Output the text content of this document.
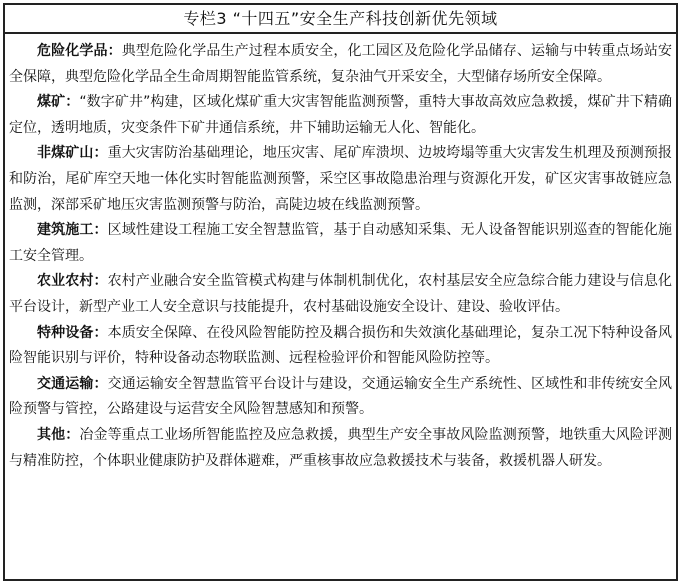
专栏3 “十四五”安全生产科技创新优先领域

危险化学品：典型危险化学品生产过程本质安全，化工园区及危险化学品储存、运输与中转重点场站安全保障，典型危险化学品全生命周期智能监管系统，复杂油气开采安全，大型储存场所安全保障。

煤矿：“数字矿井”构建，区域化煤矿重大灾害智能监测预警，重特大事故高效应急救援，煤矿井下精确定位，透明地质，灾变条件下矿井通信系统，井下辅助运输无人化、智能化。

非煤矿山：重大灾害防治基础理论，地压灾害、尾矿库溃坝、边坡垮塌等重大灾害发生机理及预测预报和防治，尾矿库空天地一体化实时智能监测预警，采空区事故隐患治理与资源化开发，矿区灾害事故链应急监测，深部采矿地压灾害监测预警与防治，高陡边坡在线监测预警。

建筑施工：区域性建设工程施工安全智慧监管，基于自动感知采集、无人设备智能识别巡查的智能化施工安全管理。

农业农村：农村产业融合安全监管模式构建与体制机制优化，农村基层安全应急综合能力建设与信息化平台设计，新型产业工人安全意识与技能提升，农村基础设施安全设计、建设、验收评估。

特种设备：本质安全保障、在役风险智能防控及耦合损伤和失效演化基础理论，复杂工况下特种设备风险智能识别与评价，特种设备动态物联监测、远程检验评价和智能风险防控等。

交通运输：交通运输安全智慧监管平台设计与建设，交通运输安全生产系统性、区域性和非传统安全风险预警与管控，公路建设与运营安全风险智慧感知和预警。

其他：冶金等重点工业场所智能监控及应急救援，典型生产安全事故风险监测预警，地铁重大风险评测与精准防控，个体职业健康防护及群体避难，严重核事故应急救援技术与装备，救援机器人研发。
